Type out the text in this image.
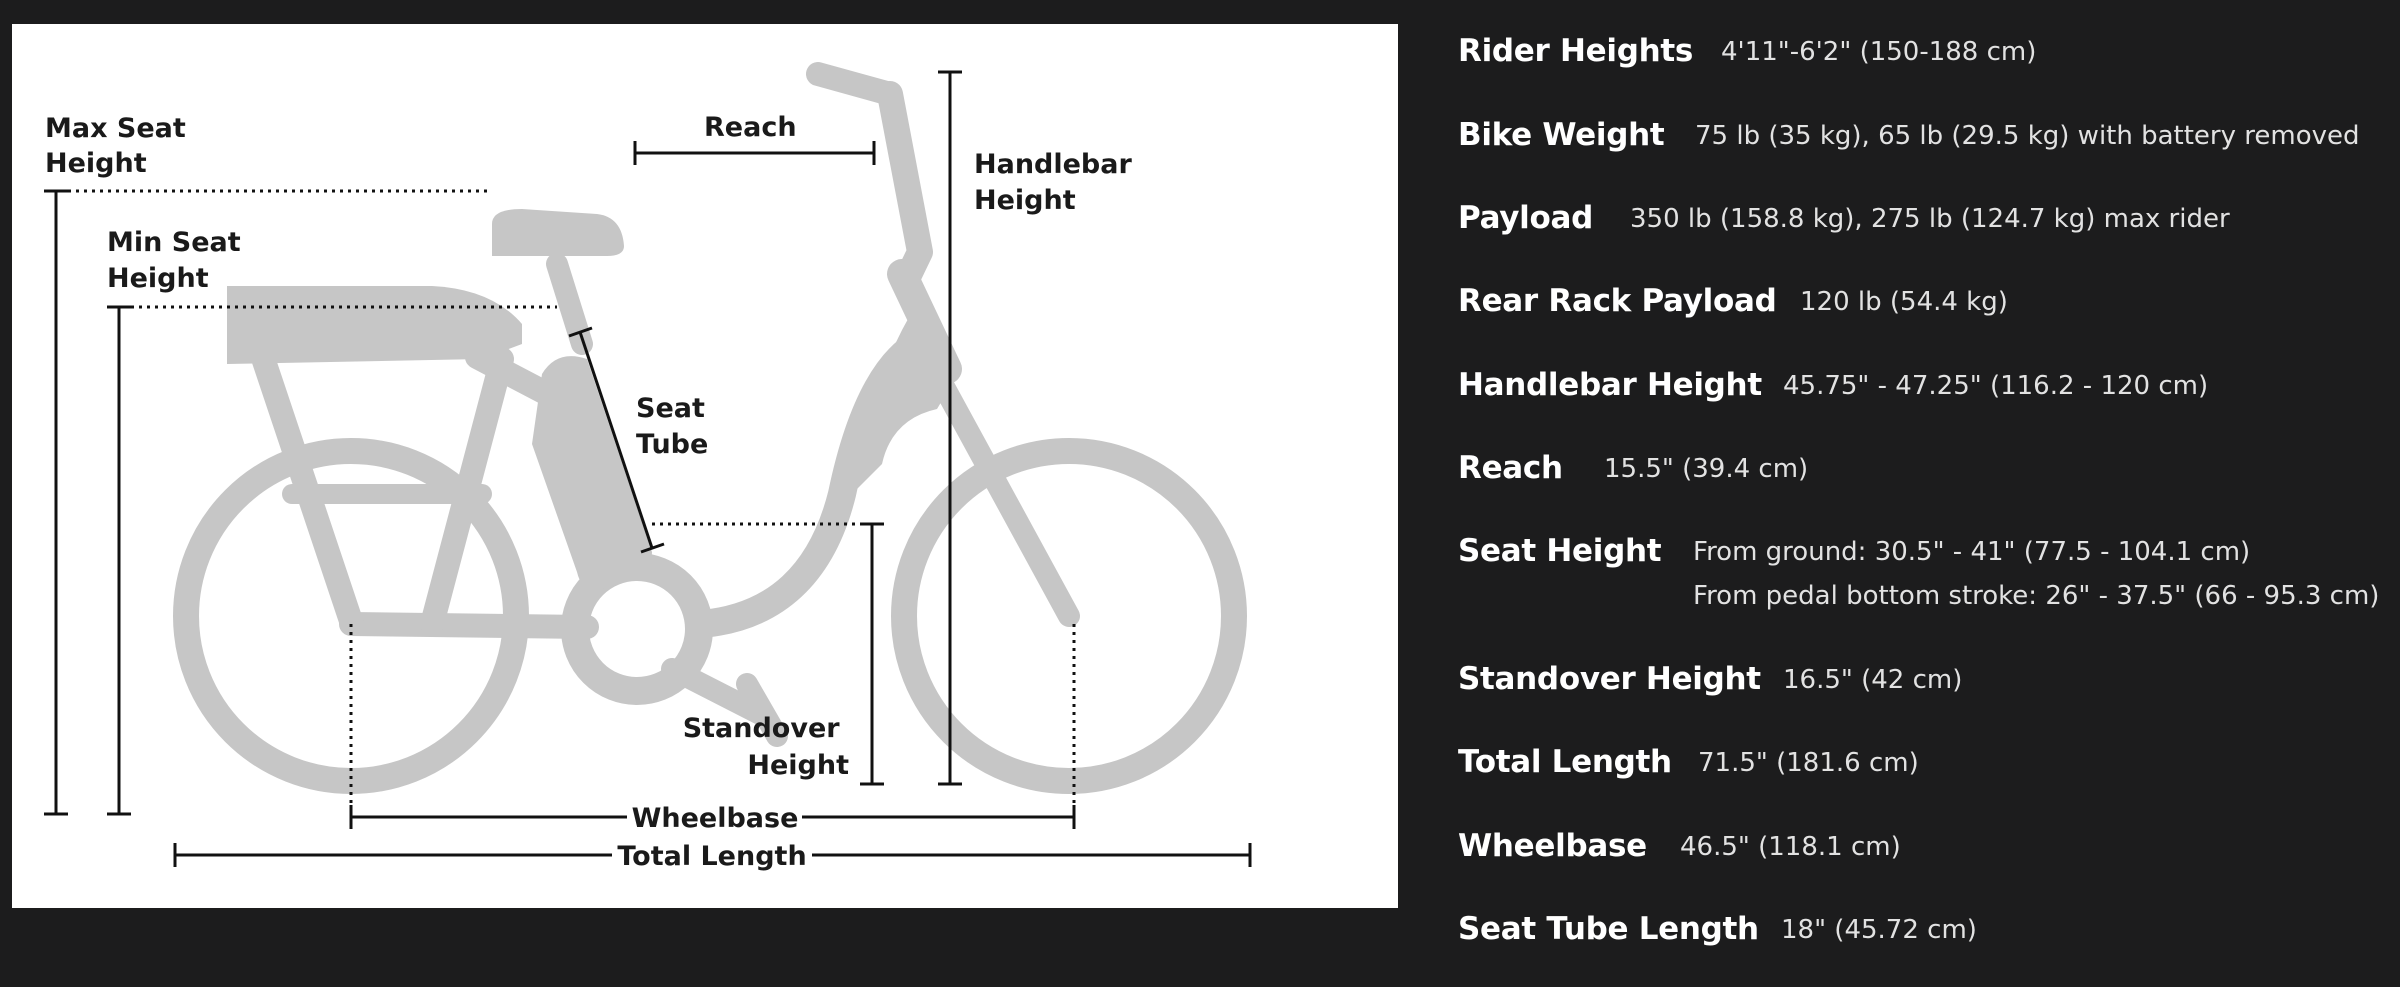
Max Seat Height
Min Seat Height
Reach
Handlebar Height
Seat Tube
Standover Height
Wheelbase
Total Length
Rider Heights 4'11"-6'2" (150-188 cm)
Bike Weight 75 lb (35 kg), 65 lb (29.5 kg) with battery removed
Payload 350 lb (158.8 kg), 275 lb (124.7 kg) max rider
Rear Rack Payload 120 lb (54.4 kg)
Handlebar Height 45.75" - 47.25" (116.2 - 120 cm)
Reach 15.5" (39.4 cm)
Seat Height From ground: 30.5" - 41" (77.5 - 104.1 cm)
From pedal bottom stroke: 26" - 37.5" (66 - 95.3 cm)
Standover Height 16.5" (42 cm)
Total Length 71.5" (181.6 cm)
Wheelbase 46.5" (118.1 cm)
Seat Tube Length 18" (45.72 cm)
